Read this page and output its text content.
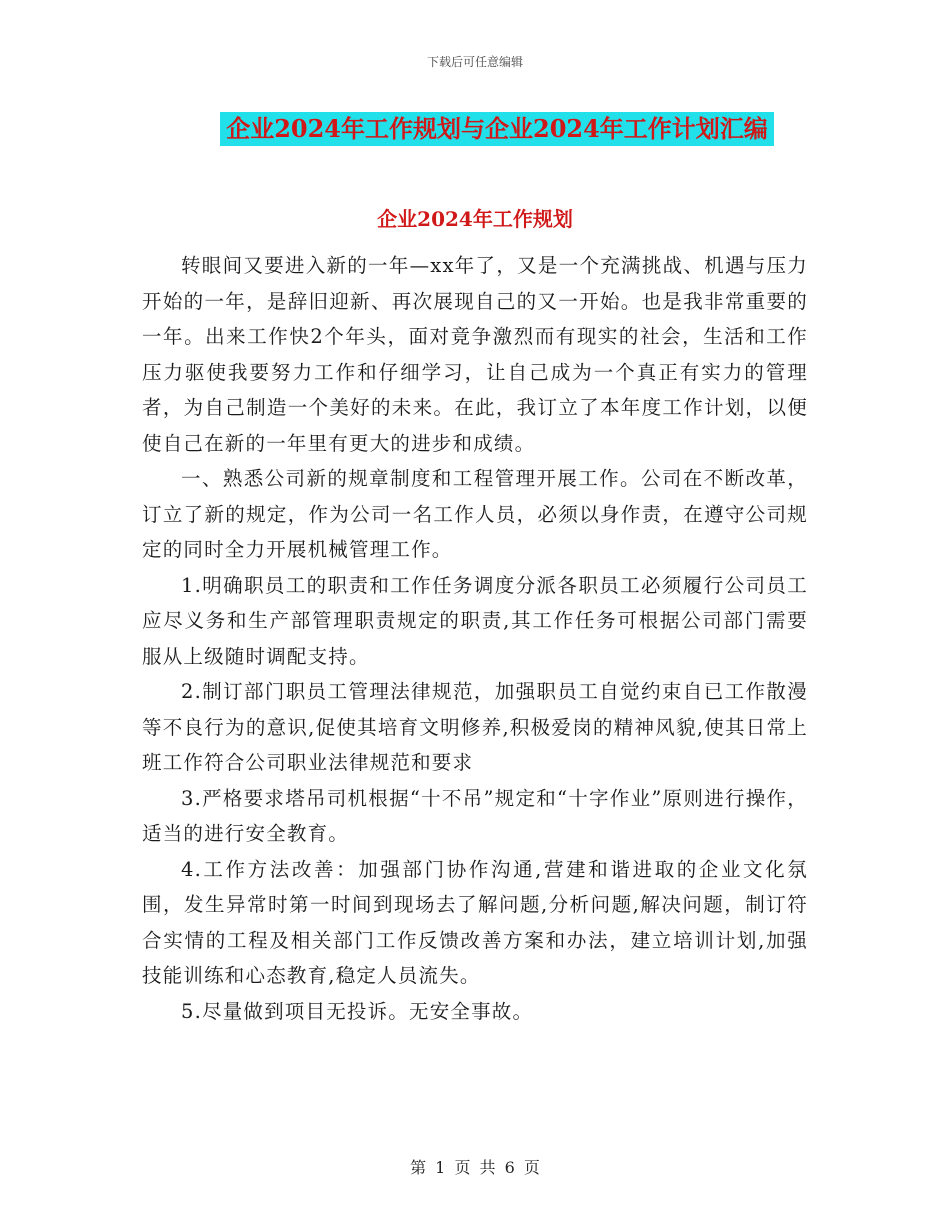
下载后可任意编辑
企业2024年工作规划与企业2024年工作计划汇编
企业2024年工作规划

转眼间又要进入新的一年—xx年了，又是一个充满挑战、机遇与压力开始的一年，是辞旧迎新、再次展现自己的又一开始。也是我非常重要的一年。出来工作快2个年头，面对竟争激烈而有现实的社会，生活和工作压力驱使我要努力工作和仔细学习，让自己成为一个真正有实力的管理者，为自己制造一个美好的未来。在此，我订立了本年度工作计划，以便使自己在新的一年里有更大的进步和成绩。

一、熟悉公司新的规章制度和工程管理开展工作。公司在不断改革，订立了新的规定，作为公司一名工作人员，必须以身作责，在遵守公司规定的同时全力开展机械管理工作。

1.明确职员工的职责和工作任务调度分派各职员工必须履行公司员工应尽义务和生产部管理职责规定的职责,其工作任务可根据公司部门需要服从上级随时调配支持。

2.制订部门职员工管理法律规范，加强职员工自觉约束自已工作散漫等不良行为的意识,促使其培育文明修养,积极爱岗的精神风貌,使其日常上班工作符合公司职业法律规范和要求

3.严格要求塔吊司机根据“十不吊”规定和“十字作业”原则进行操作，适当的进行安全教育。

4.工作方法改善：加强部门协作沟通,营建和谐进取的企业文化氛围，发生异常时第一时间到现场去了解问题,分析问题,解决问题，制订符合实情的工程及相关部门工作反馈改善方案和办法，建立培训计划,加强技能训练和心态教育,稳定人员流失。

5.尽量做到项目无投诉。无安全事故。

第 1 页 共 6 页
